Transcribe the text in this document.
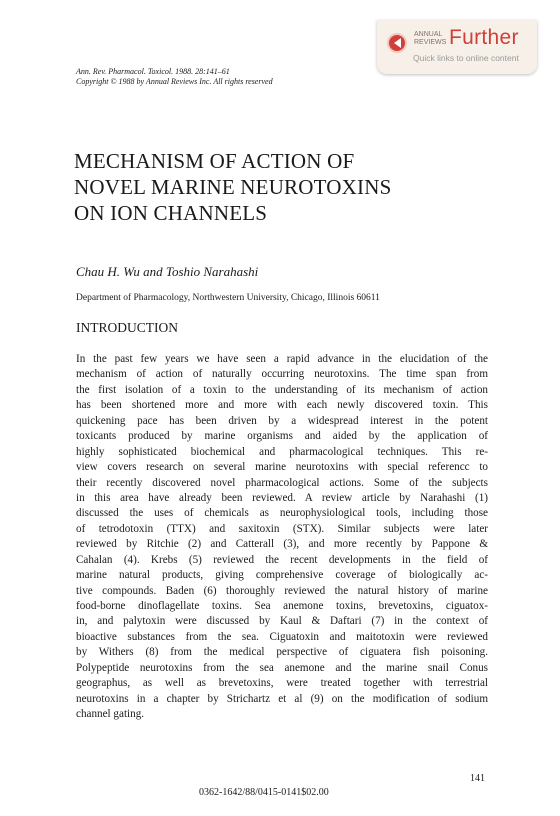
ANNUAL
REVIEWS Further
Quick links to online content
Ann. Rev. Pharmacol. Toxicol. 1988. 28:141–61
Copyright © 1988 by Annual Reviews Inc. All rights reserved
MECHANISM OF ACTION OF
NOVEL MARINE NEUROTOXINS
ON ION CHANNELS
Chau H. Wu and Toshio Narahashi
Department of Pharmacology, Northwestern University, Chicago, Illinois 60611
INTRODUCTION
In the past few years we have seen a rapid advance in the elucidation of the
mechanism of action of naturally occurring neurotoxins. The time span from
the first isolation of a toxin to the understanding of its mechanism of action
has been shortened more and more with each newly discovered toxin. This
quickening pace has been driven by a widespread interest in the potent
toxicants produced by marine organisms and aided by the application of
highly sophisticated biochemical and pharmacological techniques. This re-
view covers research on several marine neurotoxins with special referencc to
their recently discovered novel pharmacological actions. Some of the subjects
in this area have already been reviewed. A review article by Narahashi (1)
discussed the uses of chemicals as neurophysiological tools, including those
of tetrodotoxin (TTX) and saxitoxin (STX). Similar subjects were later
reviewed by Ritchie (2) and Catterall (3), and more recently by Pappone &
Cahalan (4). Krebs (5) reviewed the recent developments in the field of
marine natural products, giving comprehensive coverage of biologically ac-
tive compounds. Baden (6) thoroughly reviewed the natural history of marine
food-borne dinoflagellate toxins. Sea anemone toxins, brevetoxins, ciguatox-
in, and palytoxin were discussed by Kaul & Daftari (7) in the context of
bioactive substances from the sea. Ciguatoxin and maitotoxin were reviewed
by Withers (8) from the medical perspective of ciguatera fish poisoning.
Polypeptide neurotoxins from the sea anemone and the marine snail Conus
geographus, as well as brevetoxins, were treated together with terrestrial
neurotoxins in a chapter by Strichartz et al (9) on the modification of sodium
channel gating.
141
0362-1642/88/0415-0141$02.00
